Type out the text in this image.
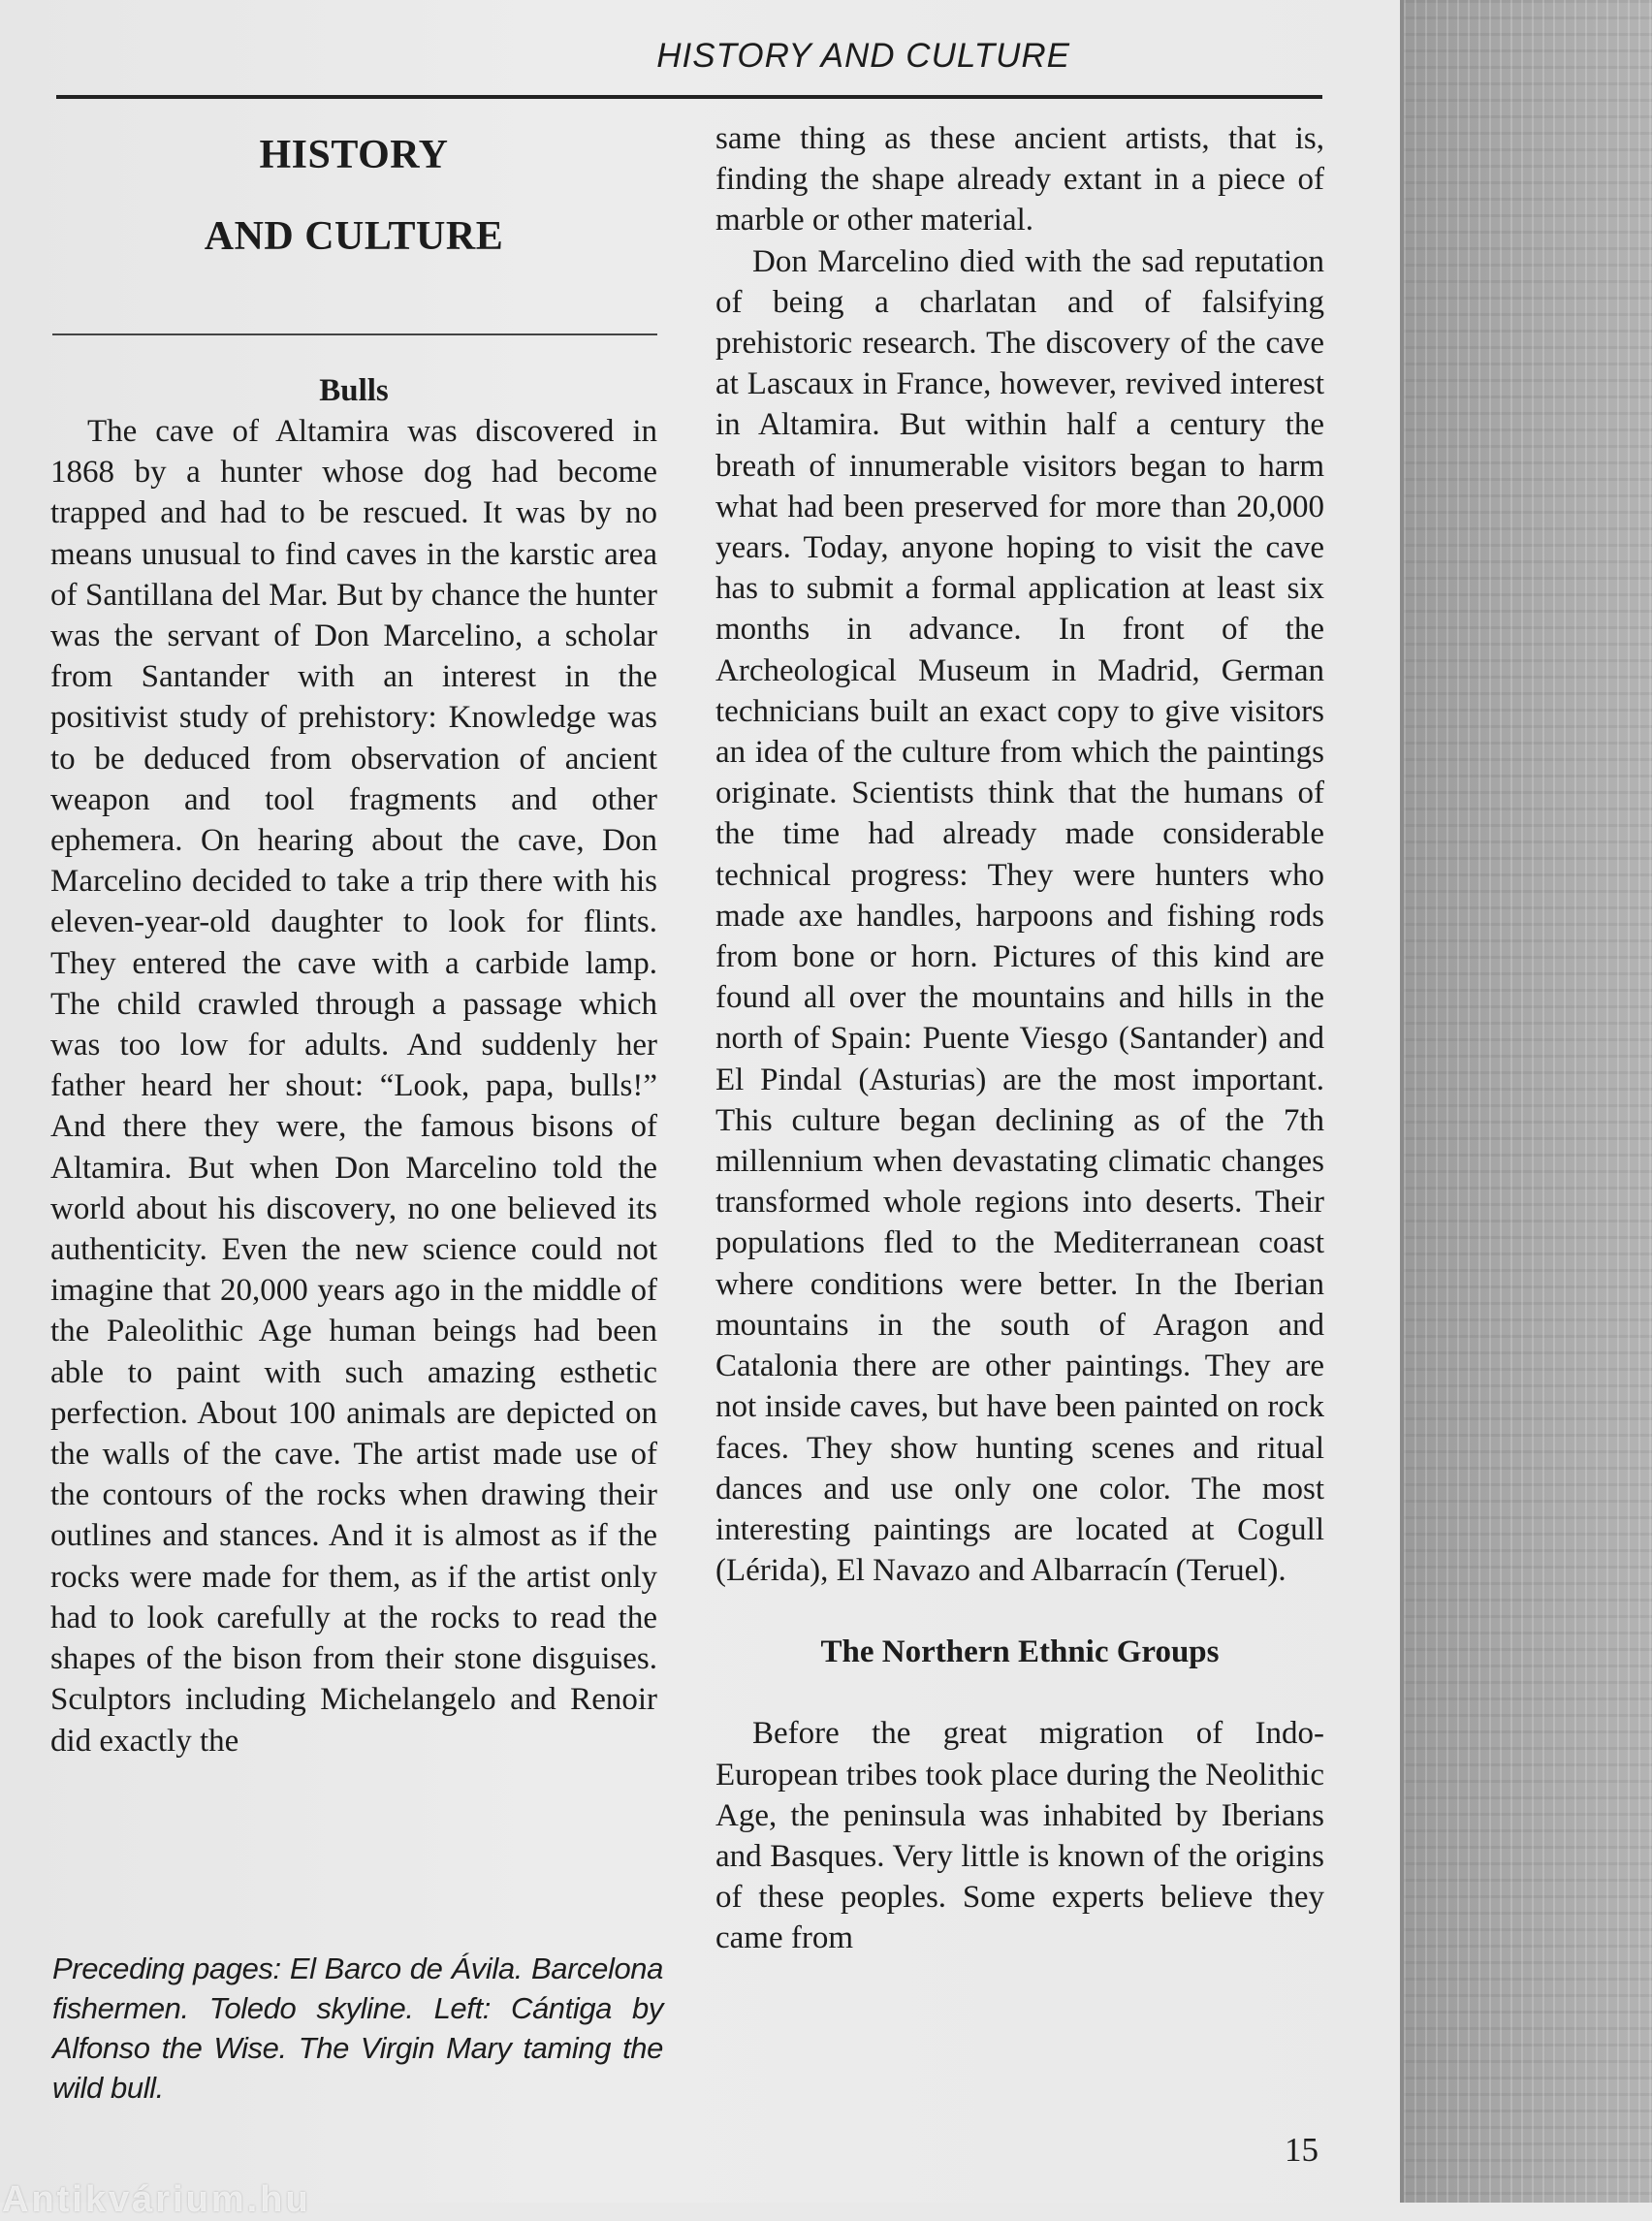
HISTORY AND CULTURE
HISTORY
AND CULTURE
Bulls

The cave of Altamira was discovered in 1868 by a hunter whose dog had become trapped and had to be rescued. It was by no means unusual to find caves in the karstic area of Santillana del Mar. But by chance the hunter was the servant of Don Marcelino, a scholar from Santander with an interest in the positivist study of prehistory: Knowledge was to be deduced from observation of ancient weapon and tool fragments and other ephemera. On hearing about the cave, Don Marcelino decided to take a trip there with his eleven-year-old daughter to look for flints. They entered the cave with a carbide lamp. The child crawled through a passage which was too low for adults. And suddenly her father heard her shout: “Look, papa, bulls!” And there they were, the famous bisons of Altamira. But when Don Marcelino told the world about his discovery, no one believed its authenticity. Even the new science could not imagine that 20,000 years ago in the middle of the Paleolithic Age human beings had been able to paint with such amazing esthetic perfection. About 100 animals are depicted on the walls of the cave. The artist made use of the contours of the rocks when drawing their outlines and stances. And it is almost as if the rocks were made for them, as if the artist only had to look carefully at the rocks to read the shapes of the bison from their stone disguises. Sculptors including Michelangelo and Renoir did exactly the

same thing as these ancient artists, that is, finding the shape already extant in a piece of marble or other material.

Don Marcelino died with the sad reputation of being a charlatan and of falsifying prehistoric research. The discovery of the cave at Lascaux in France, however, revived interest in Altamira. But within half a century the breath of innumerable visitors began to harm what had been preserved for more than 20,000 years. Today, anyone hoping to visit the cave has to submit a formal application at least six months in advance. In front of the Archeological Museum in Madrid, German technicians built an exact copy to give visitors an idea of the culture from which the paintings originate. Scientists think that the humans of the time had already made considerable technical progress: They were hunters who made axe handles, harpoons and fishing rods from bone or horn. Pictures of this kind are found all over the mountains and hills in the north of Spain: Puente Viesgo (Santander) and El Pindal (Asturias) are the most important. This culture began declining as of the 7th millennium when devastating climatic changes transformed whole regions into deserts. Their populations fled to the Mediterranean coast where conditions were better. In the Iberian mountains in the south of Aragon and Catalonia there are other paintings. They are not inside caves, but have been painted on rock faces. They show hunting scenes and ritual dances and use only one color. The most interesting paintings are located at Cogull (Lérida), El Navazo and Albarracín (Teruel).

The Northern Ethnic Groups

Before the great migration of Indo-European tribes took place during the Neolithic Age, the peninsula was inhabited by Iberians and Basques. Very little is known of the origins of these peoples. Some experts believe they came from

Preceding pages: El Barco de Ávila. Barcelona fishermen. Toledo skyline. Left: Cántiga by Alfonso the Wise. The Virgin Mary taming the wild bull.
15
Antikvárium.hu
